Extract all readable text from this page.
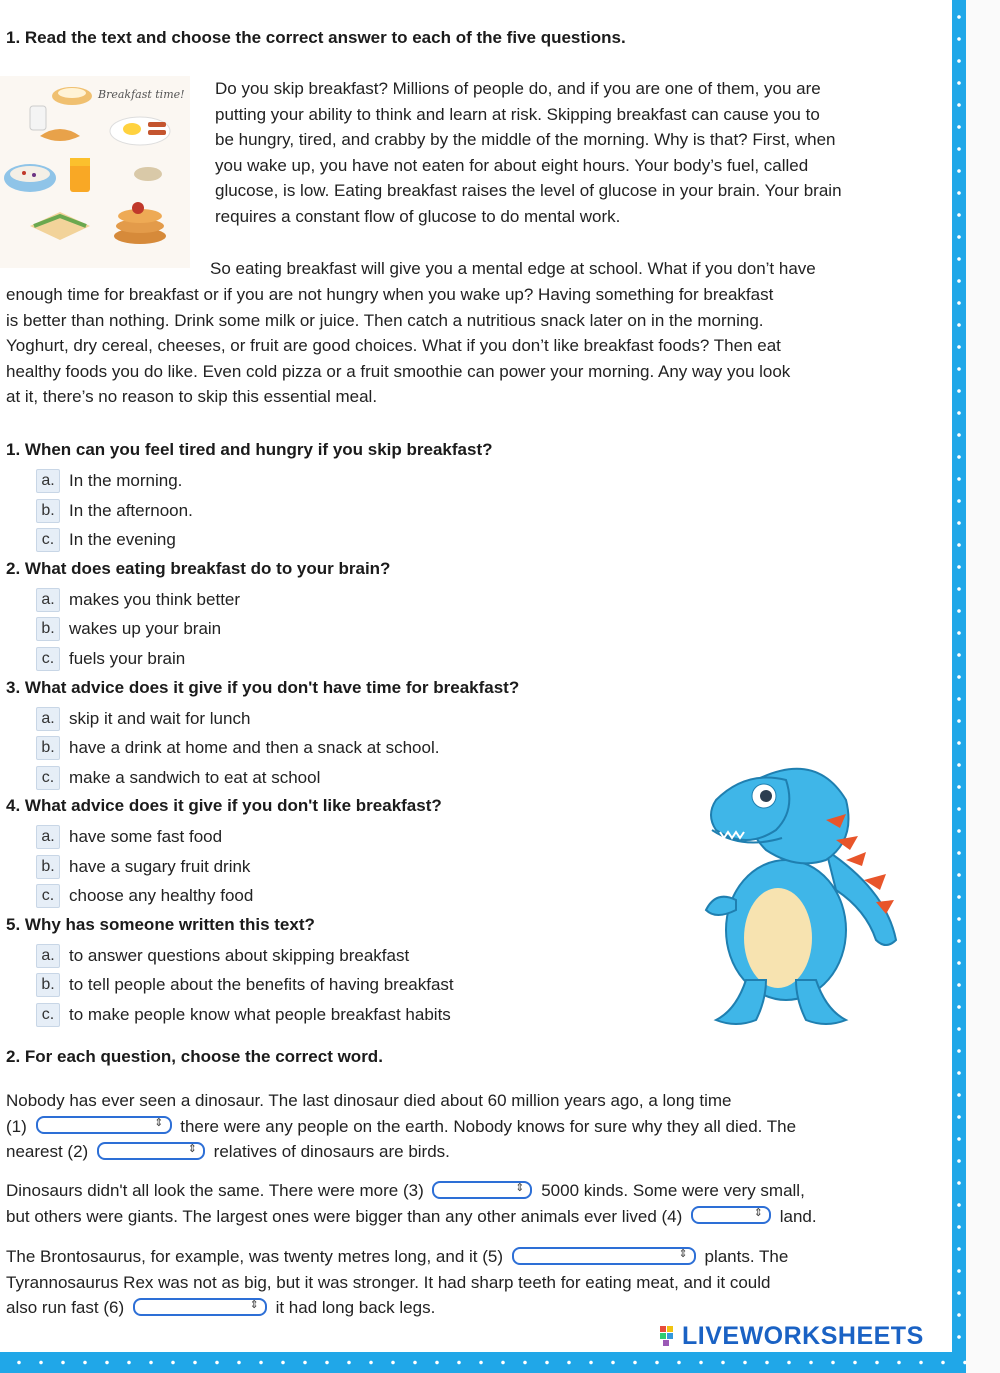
1. Read the text and choose the correct answer to each of the five questions.
Breakfast time! Do you skip breakfast? Millions of people do, and if you are one of them, you are
putting your ability to think and learn at risk. Skipping breakfast can cause you to
be hungry, tired, and crabby by the middle of the morning. Why is that? First, when
you wake up, you have not eaten for about eight hours. Your body’s fuel, called
glucose, is low. Eating breakfast raises the level of glucose in your brain. Your brain
requires a constant flow of glucose to do mental work.
So eating breakfast will give you a mental edge at school. What if you don’t have
enough time for breakfast or if you are not hungry when you wake up? Having something for breakfast
is better than nothing. Drink some milk or juice. Then catch a nutritious snack later on in the morning.
Yoghurt, dry cereal, cheeses, or fruit are good choices. What if you don’t like breakfast foods? Then eat
healthy foods you do like. Even cold pizza or a fruit smoothie can power your morning. Any way you look
at it, there’s no reason to skip this essential meal.
1. When can you feel tired and hungry if you skip breakfast?
a. In the morning.
b. In the afternoon.
c. In the evening
2. What does eating breakfast do to your brain?
a. makes you think better
b. wakes up your brain
c. fuels your brain
3. What advice does it give if you don't have time for breakfast?
a. skip it and wait for lunch
b. have a drink at home and then a snack at school.
c. make a sandwich to eat at school
4. What advice does it give if you don't like breakfast?
a. have some fast food
b. have a sugary fruit drink
c. choose any healthy food
5. Why has someone written this text?
a. to answer questions about skipping breakfast
b. to tell people about the benefits of having breakfast
c. to make people know what people breakfast habits
2. For each question, choose the correct word.
Nobody has ever seen a dinosaur. The last dinosaur died about 60 million years ago, a long time
(1)	⇕ there were any people on the earth. Nobody knows for sure why they all died. The
nearest (2)	⇕ relatives of dinosaurs are birds.
Dinosaurs didn't all look the same. There were more (3)	⇕ 5000 kinds. Some were very small,
but others were giants. The largest ones were bigger than any other animals ever lived (4)	⇕ land.
The Brontosaurus, for example, was twenty metres long, and it (5)	⇕ plants. The
Tyrannosaurus Rex was not as big, but it was stronger. It had sharp teeth for eating meat, and it could
also run fast (6)	⇕ it had long back legs.
LIVEWORKSHEETS
